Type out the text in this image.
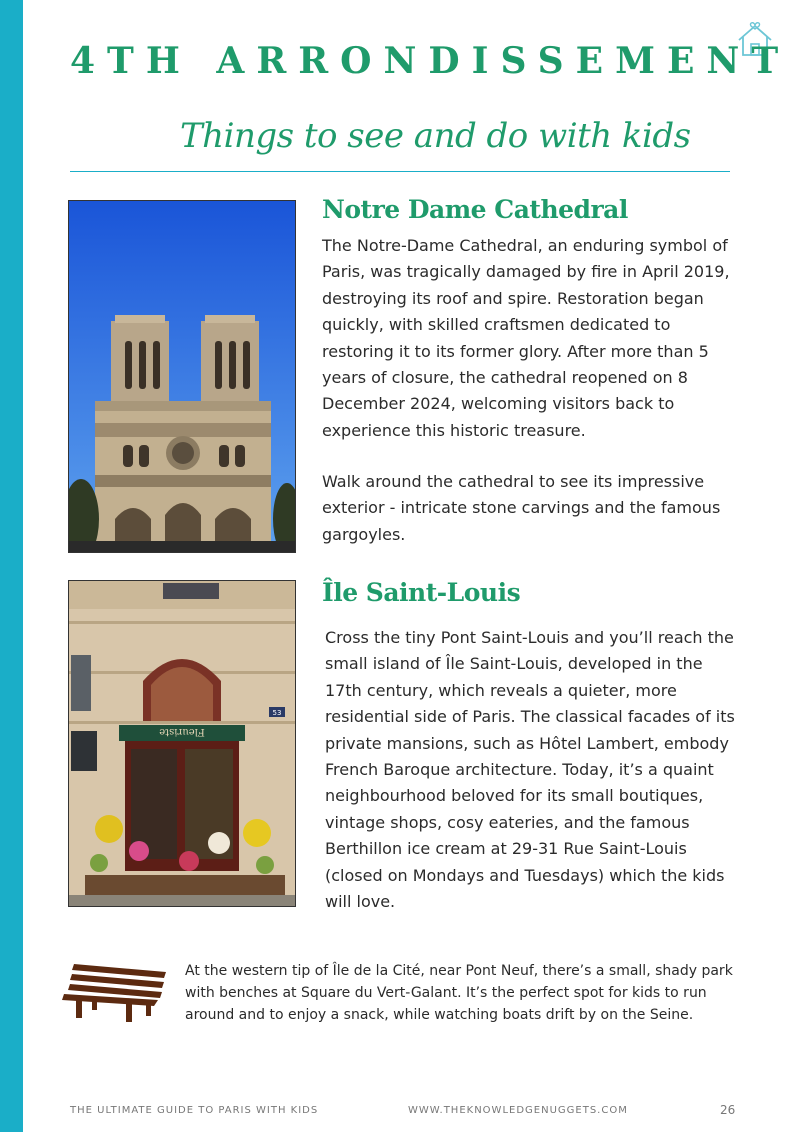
4TH ARRONDISSEMENT
Things to see and do with kids
Notre Dame Cathedral
The Notre-Dame Cathedral, an enduring symbol of Paris, was tragically damaged by fire in April 2019, destroying its roof and spire. Restoration began quickly, with skilled craftsmen dedicated to restoring it to its former glory. After more than 5 years of closure, the cathedral reopened on 8 December 2024, welcoming visitors back to experience this historic treasure.
Walk around the cathedral to see its impressive exterior - intricate stone carvings and the famous gargoyles.
Fleuriste
53
Île Saint-Louis
Cross the tiny Pont Saint-Louis and you’ll reach the small island of Île Saint-Louis, developed in the 17th century, which reveals a quieter, more residential side of Paris. The classical facades of its private mansions, such as Hôtel Lambert, embody French Baroque architecture. Today, it’s a quaint neighbourhood beloved for its small boutiques, vintage shops, cosy eateries, and the famous Berthillon ice cream at 29-31 Rue Saint-Louis (closed on Mondays and Tuesdays) which the kids will love.
At the western tip of Île de la Cité, near Pont Neuf, there’s a small, shady park with benches at Square du Vert-Galant. It’s the perfect spot for kids to run around and to enjoy a snack, while watching boats drift by on the Seine.
THE ULTIMATE GUIDE TO PARIS WITH KIDS	WWW.THEKNOWLEDGENUGGETS.COM	26
